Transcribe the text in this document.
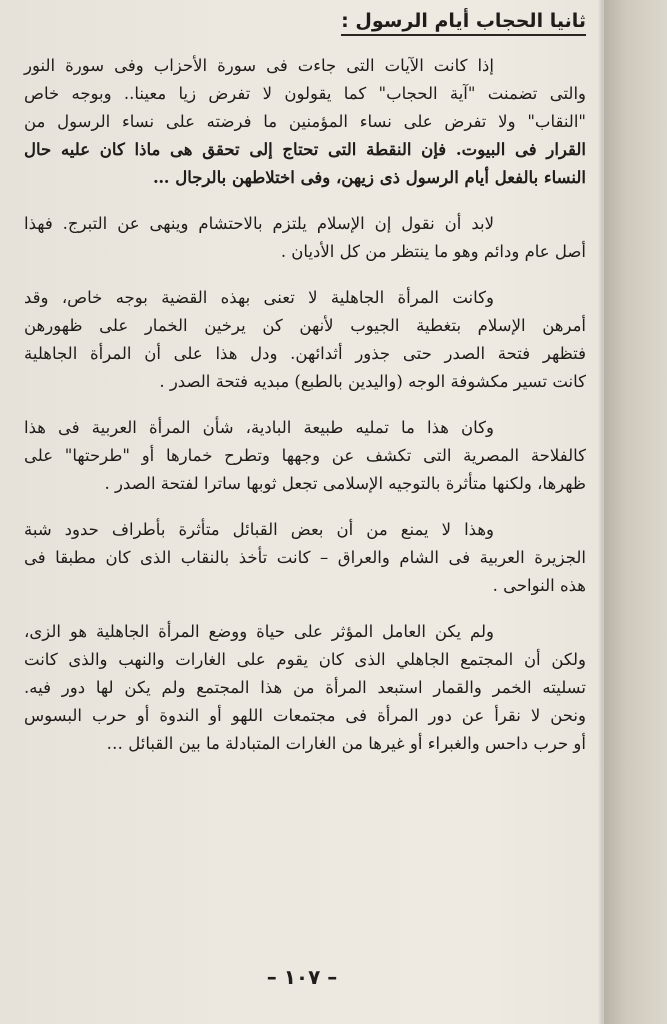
ثانيا الحجاب أيام الرسول :
إذا كانت الآيات التى جاءت فى سورة الأحزاب وفى سورة النور
والتى تضمنت "آية الحجاب" كما يقولون لا تفرض زيا معينا.. وبوجه خاص
"النقاب" ولا تفرض على نساء المؤمنين ما فرضته على نساء الرسول من
القرار فى البيوت. فإن النقطة التى تحتاج إلى تحقق هى ماذا كان عليه حال
النساء بالفعل أيام الرسول ذى زيهن، وفى اختلاطهن بالرجال …
لابد أن نقول إن الإسلام يلتزم بالاحتشام وينهى عن التبرج. فهذا
أصل عام ودائم وهو ما ينتظر من كل الأديان .
وكانت المرأة الجاهلية لا تعنى بهذه القضية بوجه خاص، وقد
أمرهن الإسلام بتغطية الجيوب لأنهن كن يرخين الخمار على ظهورهن
فتظهر فتحة الصدر حتى جذور أثدائهن. ودل هذا على أن المرأة الجاهلية
كانت تسير مكشوفة الوجه (واليدين بالطبع) مبديه فتحة الصدر .
وكان هذا ما تمليه طبيعة البادية، شأن المرأة العربية فى هذا
كالفلاحة المصرية التى تكشف عن وجهها وتطرح خمارها أو "طرحتها" على
ظهرها، ولكنها متأثرة بالتوجيه الإسلامى تجعل ثوبها ساترا لفتحة الصدر .
وهذا لا يمنع من أن بعض القبائل متأثرة بأطراف حدود شبة
الجزيرة العربية فى الشام والعراق – كانت تأخذ بالنقاب الذى كان مطبقا فى
هذه النواحى .
ولم يكن العامل المؤثر على حياة ووضع المرأة الجاهلية هو الزى،
ولكن أن المجتمع الجاهلي الذى كان يقوم على الغارات والنهب والذى كانت
تسليته الخمر والقمار استبعد المرأة من هذا المجتمع ولم يكن لها دور فيه.
ونحن لا نقرأ عن دور المرأة فى مجتمعات اللهو أو الندوة أو حرب البسوس
أو حرب داحس والغبراء أو غيرها من الغارات المتبادلة ما بين القبائل …
– ١٠٧ –
